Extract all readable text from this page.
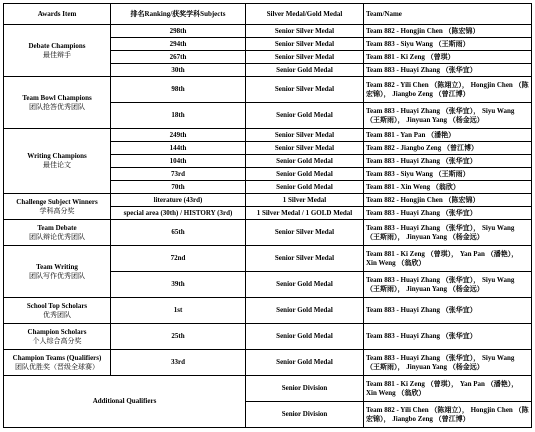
Awards Item	排名Ranking/获奖学科Subjects	Silver Medal/Gold Medal	Team/Name

Debate Champions
最佳辩手	298th	Senior Silver Medal	Team 882 - Hongjin Chen （陈宏锦）
	294th	Senior Silver Medal	Team 883 - Siyu Wang （王斯雨）
	267th	Senior Silver Medal	Team 881 - Ki Zeng （曾琪）
	30th	Senior Gold Medal	Team 883 - Huayi Zhang （张华宜）

Team Bowl Champions
团队抢答优秀团队	98th	Senior Silver Medal	Team 882 - Yili Chen （陈翊立）， Hongjin Chen （陈宏锦）， Jiangbo Zeng （曾江博）
	18th	Senior Gold Medal	Team 883 - Huayi Zhang （张华宜）， Siyu Wang （王斯雨）， Jinyuan Yang （杨金远）

Writing Champions
最佳论文	249th	Senior Silver Medal	Team 881 - Yan Pan （潘艳）
	144th	Senior Silver Medal	Team 882 - Jiangbo Zeng （曾江博）
	104th	Senior Gold Medal	Team 883 - Huayi Zhang （张华宜）
	73rd	Senior Gold Medal	Team 883 - Siyu Wang （王斯雨）
	70th	Senior Gold Medal	Team 881 - Xin Weng （翁欣）

Challenge Subject Winners
学科高分奖	literature (43rd)	1 Silver Medal	Team 882 - Hongjin Chen （陈宏锦）
	special area (30th) / HISTORY (3rd)	1 Silver Medal / 1 GOLD Medal	Team 883 - Huayi Zhang （张华宜）

Team Debate
团队辩论优秀团队	65th	Senior Silver Medal	Team 883 - Huayi Zhang （张华宜）， Siyu Wang （王斯雨）， Jinyuan Yang （杨金远）

Team Writing
团队写作优秀团队	72nd	Senior Silver Medal	Team 881 - Ki Zeng （曾琪）， Yan Pan （潘艳）， Xin Weng （翁欣）
	39th	Senior Gold Medal	Team 883 - Huayi Zhang （张华宜）， Siyu Wang （王斯雨）， Jinyuan Yang （杨金远）

School Top Scholars
优秀团队	1st	Senior Gold Medal	Team 883 - Huayi Zhang （张华宜）

Champion Scholars
个人综合高分奖	25th	Senior Gold Medal	Team 883 - Huayi Zhang （张华宜）

Champion Teams (Qualifiers)
团队优胜奖（晋级全球赛）	33rd	Senior Gold Medal	Team 883 - Huayi Zhang （张华宜）， Siyu Wang （王斯雨）， Jinyuan Yang （杨金远）

Additional Qualifiers		Senior Division	Team 881 - Ki Zeng （曾琪）， Yan Pan （潘艳）， Xin Weng （翁欣）
		Senior Division	Team 882 - Yili Chen （陈翊立）， Hongjin Chen （陈宏锦）， Jiangbo Zeng （曾江博）
